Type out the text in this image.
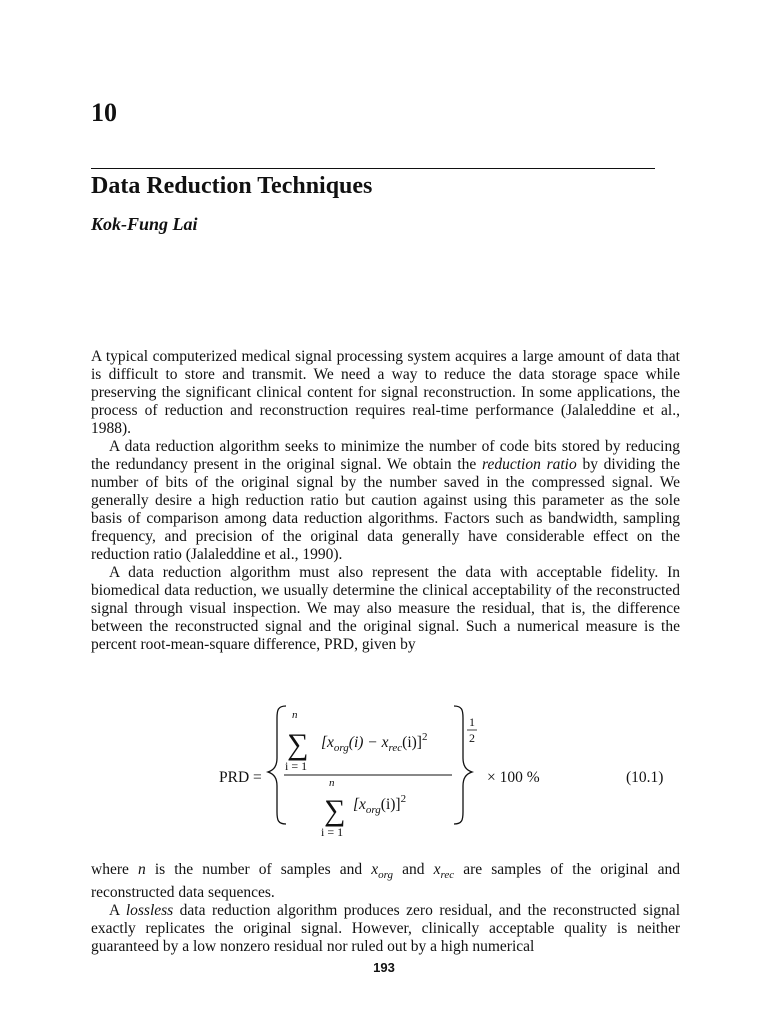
10
Data Reduction Techniques
Kok-Fung Lai

A typical computerized medical signal processing system acquires a large amount of data that is difficult to store and transmit. We need a way to reduce the data storage space while preserving the significant clinical content for signal reconstruction. In some applications, the process of reduction and reconstruction requires real-time performance (Jalaleddine et al., 1988).

A data reduction algorithm seeks to minimize the number of code bits stored by reducing the redundancy present in the original signal. We obtain the reduction ratio by dividing the number of bits of the original signal by the number saved in the compressed signal. We generally desire a high reduction ratio but caution against using this parameter as the sole basis of comparison among data reduction algorithms. Factors such as bandwidth, sampling frequency, and precision of the original data generally have considerable effect on the reduction ratio (Jalaleddine et al., 1990).

A data reduction algorithm must also represent the data with acceptable fidelity. In biomedical data reduction, we usually determine the clinical acceptability of the reconstructed signal through visual inspection. We may also measure the residual, that is, the difference between the reconstructed signal and the original signal. Such a numerical measure is the percent root-mean-square difference, PRD, given by

PRD =
n
∑
i = 1
$[x_{org}(i) - x_{rec}(i)]^2$
n
∑
i = 1
$[x_{org}(i)]^2$
1
2
× 100 %	(10.1)

where n is the number of samples and $x_{org}$ and $x_{rec}$ are samples of the original and reconstructed data sequences.

A lossless data reduction algorithm produces zero residual, and the reconstructed signal exactly replicates the original signal. However, clinically acceptable quality is neither guaranteed by a low nonzero residual nor ruled out by a high numerical

193
